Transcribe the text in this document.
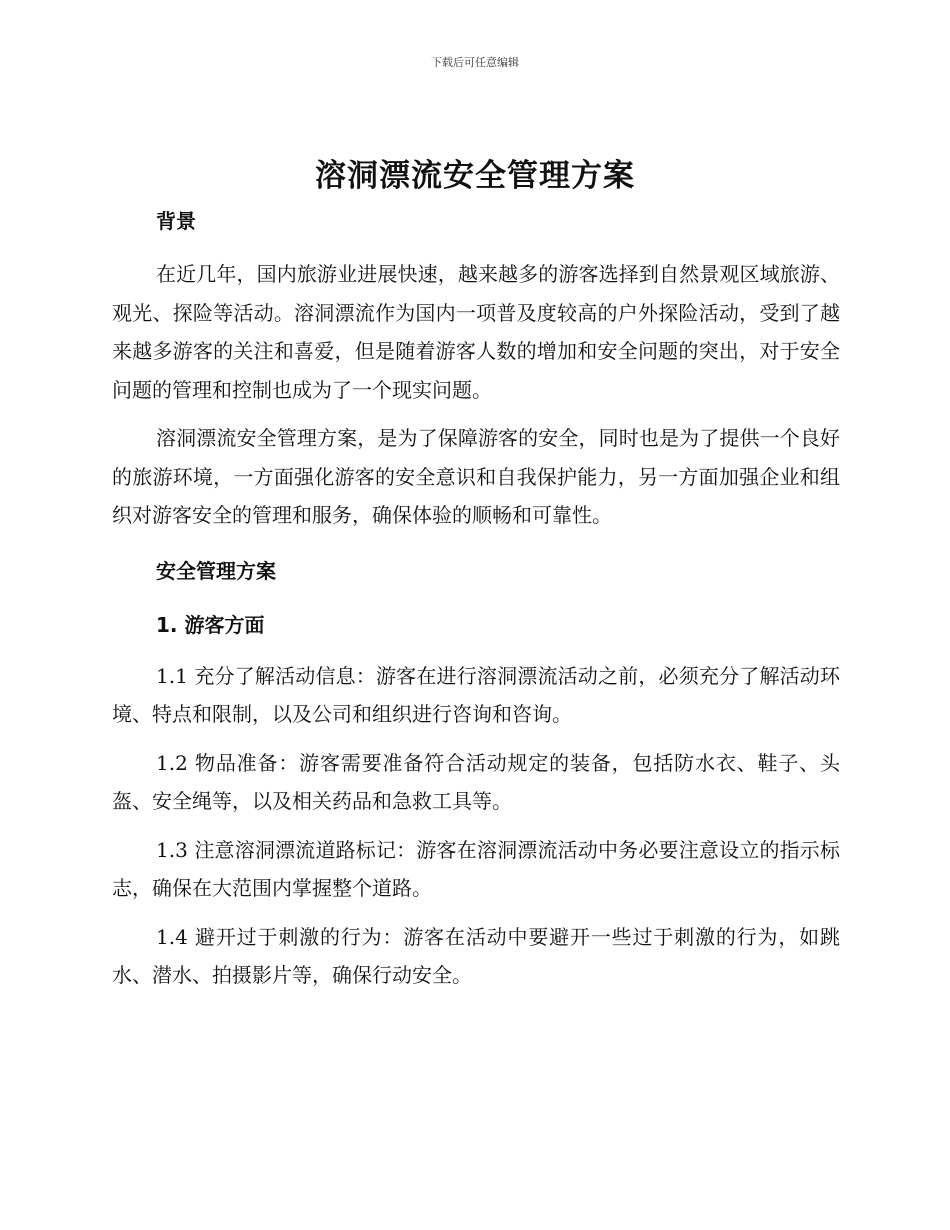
下载后可任意编辑
溶洞漂流安全管理方案
背景

在近几年，国内旅游业进展快速，越来越多的游客选择到自然景观区域旅游、观光、探险等活动。溶洞漂流作为国内一项普及度较高的户外探险活动，受到了越来越多游客的关注和喜爱，但是随着游客人数的增加和安全问题的突出，对于安全问题的管理和控制也成为了一个现实问题。

溶洞漂流安全管理方案，是为了保障游客的安全，同时也是为了提供一个良好的旅游环境，一方面强化游客的安全意识和自我保护能力，另一方面加强企业和组织对游客安全的管理和服务，确保体验的顺畅和可靠性。

安全管理方案
1. 游客方面

1.1 充分了解活动信息：游客在进行溶洞漂流活动之前，必须充分了解活动环境、特点和限制，以及公司和组织进行咨询和咨询。

1.2 物品准备：游客需要准备符合活动规定的装备，包括防水衣、鞋子、头盔、安全绳等，以及相关药品和急救工具等。

1.3 注意溶洞漂流道路标记：游客在溶洞漂流活动中务必要注意设立的指示标志，确保在大范围内掌握整个道路。

1.4 避开过于刺激的行为：游客在活动中要避开一些过于刺激的行为，如跳水、潜水、拍摄影片等，确保行动安全。
